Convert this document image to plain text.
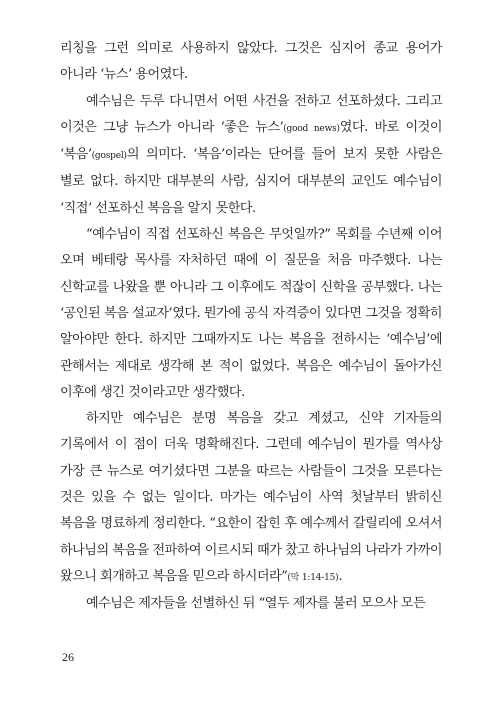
리칭을 그런 의미로 사용하지 않았다. 그것은 심지어 종교 용어가 아니라 ‘뉴스’ 용어였다.

예수님은 두루 다니면서 어떤 사건을 전하고 선포하셨다. 그리고 이것은 그냥 뉴스가 아니라 ‘좋은 뉴스’(good news)였다. 바로 이것이 ‘복음’(gospel)의 의미다. ‘복음’이라는 단어를 들어 보지 못한 사람은 별로 없다. 하지만 대부분의 사람, 심지어 대부분의 교인도 예수님이 ‘직접’ 선포하신 복음을 알지 못한다.

“예수님이 직접 선포하신 복음은 무엇일까?” 목회를 수년째 이어 오며 베테랑 목사를 자처하던 때에 이 질문을 처음 마주했다. 나는 신학교를 나왔을 뿐 아니라 그 이후에도 적잖이 신학을 공부했다. 나는 ‘공인된 복음 설교자’였다. 뭔가에 공식 자격증이 있다면 그것을 정확히 알아야만 한다. 하지만 그때까지도 나는 복음을 전하시는 ‘예수님’에 관해서는 제대로 생각해 본 적이 없었다. 복음은 예수님이 돌아가신 이후에 생긴 것이라고만 생각했다.

하지만 예수님은 분명 복음을 갖고 계셨고, 신약 기자들의 기록에서 이 점이 더욱 명확해진다. 그런데 예수님이 뭔가를 역사상 가장 큰 뉴스로 여기셨다면 그분을 따르는 사람들이 그것을 모른다는 것은 있을 수 없는 일이다. 마가는 예수님이 사역 첫날부터 밝히신 복음을 명료하게 정리한다. “요한이 잡힌 후 예수께서 갈릴리에 오셔서 하나님의 복음을 전파하여 이르시되 때가 찼고 하나님의 나라가 가까이 왔으니 회개하고 복음을 믿으라 하시더라”(막 1:14-15).

예수님은 제자들을 선별하신 뒤 “열두 제자를 불러 모으사 모든

26
